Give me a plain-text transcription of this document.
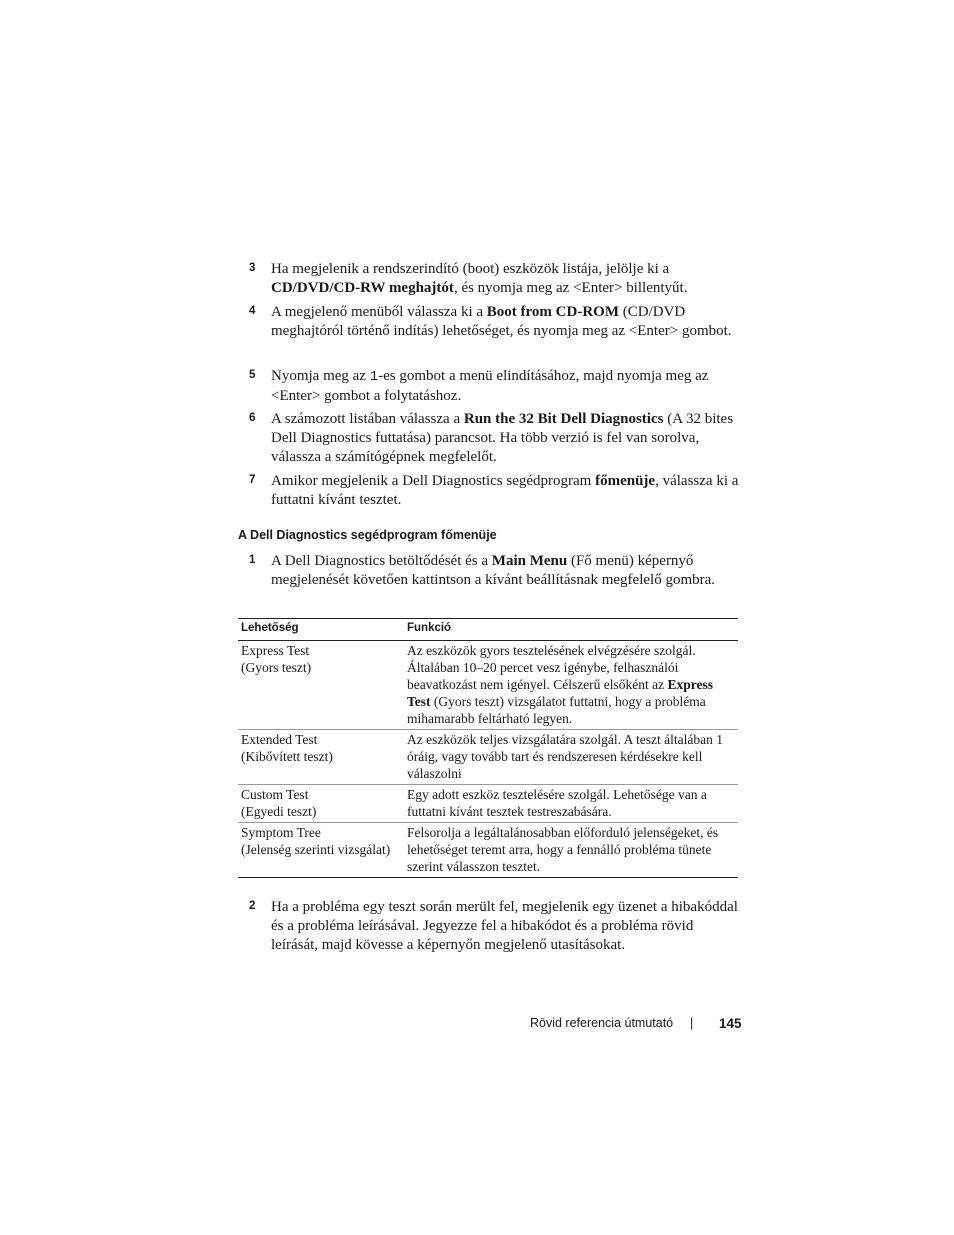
3 Ha megjelenik a rendszerindító (boot) eszközök listája, jelölje ki a CD/DVD/CD-RW meghajtót, és nyomja meg az <Enter> billentyűt.
4 A megjelenő menüből válassza ki a Boot from CD-ROM (CD/DVD meghajtóról történő indítás) lehetőséget, és nyomja meg az <Enter> gombot.
5 Nyomja meg az 1-es gombot a menü elindításához, majd nyomja meg az <Enter> gombot a folytatáshoz.
6 A számozott listában válassza a Run the 32 Bit Dell Diagnostics (A 32 bites Dell Diagnostics futtatása) parancsot. Ha több verzió is fel van sorolva, válassza a számítógépnek megfelelőt.
7 Amikor megjelenik a Dell Diagnostics segédprogram főmenüje, válassza ki a futtatni kívánt tesztet.
A Dell Diagnostics segédprogram főmenüje
1 A Dell Diagnostics betöltődését és a Main Menu (Fő menü) képernyő megjelenését követően kattintson a kívánt beállításnak megfelelő gombra.
Lehetőség	Funkció

Express Test
(Gyors teszt)	Az eszközök gyors tesztelésének elvégzésére szolgál. Általában 10–20 percet vesz igénybe, felhasználói beavatkozást nem igényel. Célszerű elsőként az Express Test (Gyors teszt) vizsgálatot futtatni, hogy a probléma mihamarabb feltárható legyen.

Extended Test
(Kibővített teszt)	Az eszközök teljes vizsgálatára szolgál. A teszt általában 1 óráig, vagy tovább tart és rendszeresen kérdésekre kell válaszolni

Custom Test
(Egyedi teszt)	Egy adott eszköz tesztelésére szolgál. Lehetősége van a futtatni kívánt tesztek testreszabására.

Symptom Tree
(Jelenség szerinti vizsgálat)	Felsorolja a legáltalánosabban előforduló jelenségeket, és lehetőséget teremt arra, hogy a fennálló probléma tünete szerint válasszon tesztet.
2 Ha a probléma egy teszt során merült fel, megjelenik egy üzenet a hibakóddal és a probléma leírásával. Jegyezze fel a hibakódot és a probléma rövid leírását, majd kövesse a képernyőn megjelenő utasításokat.
Rövid referencia útmutató | 145
